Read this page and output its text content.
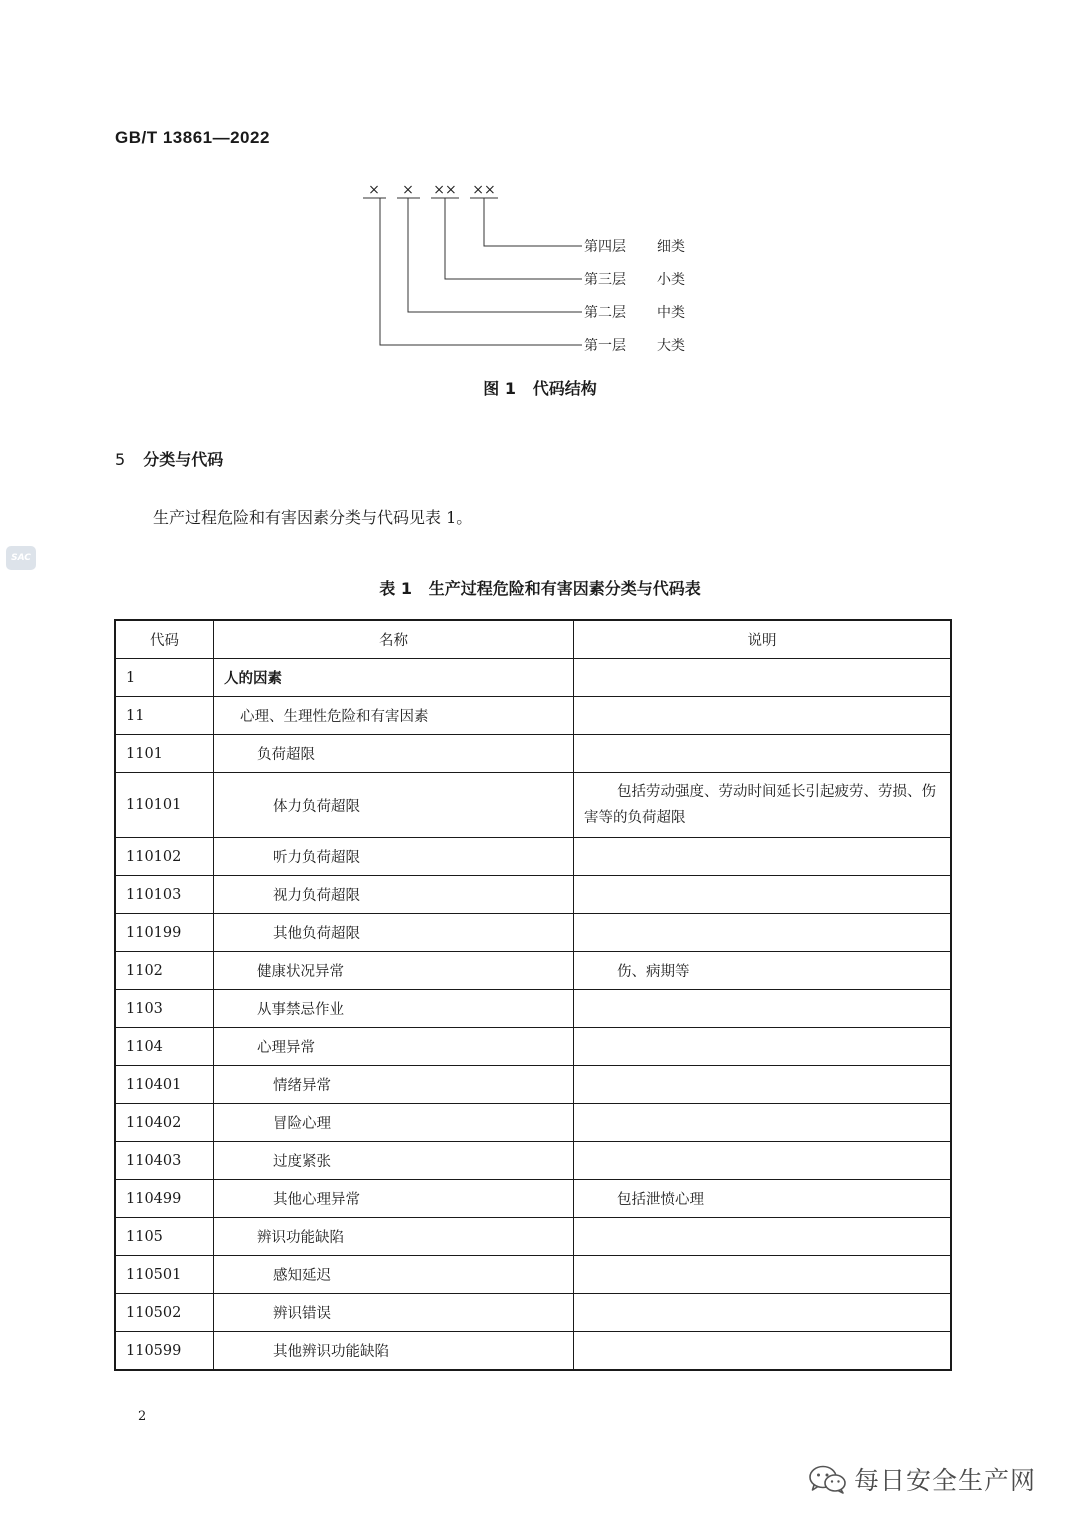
GB/T 13861—2022
× × ×× ××
第四层 细类
第三层 小类
第二层 中类
第一层 大类
图 1   代码结构
5 分类与代码
生产过程危险和有害因素分类与代码见表 1。
SAC
表 1   生产过程危险和有害因素分类与代码表
代码	名称	说明
1	人的因素	
11	心理、生理性危险和有害因素	
1101	负荷超限	
110101	体力负荷超限	包括劳动强度、劳动时间延长引起疲劳、劳损、伤害等的负荷超限

110102	听力负荷超限	
110103	视力负荷超限	
110199	其他负荷超限	
1102	健康状况异常	伤、病期等
1103	从事禁忌作业	
1104	心理异常	
110401	情绪异常	
110402	冒险心理	
110403	过度紧张	
110499	其他心理异常	包括泄愤心理
1105	辨识功能缺陷	
110501	感知延迟	
110502	辨识错误	
110599	其他辨识功能缺陷	
2
每日安全生产网
